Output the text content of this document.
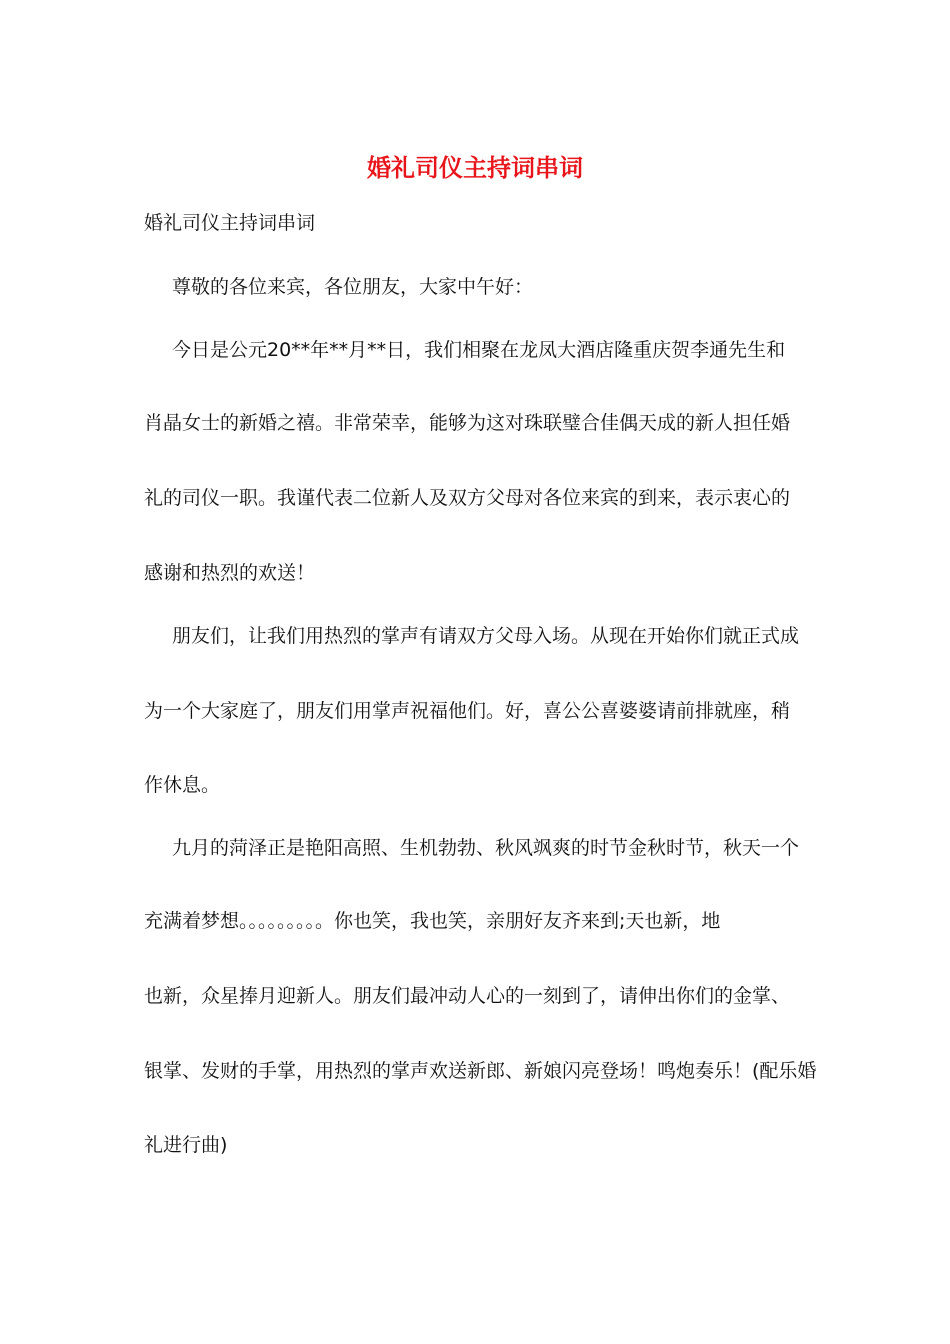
婚礼司仪主持词串词
婚礼司仪主持词串词
尊敬的各位来宾，各位朋友，大家中午好：
今日是公元20**年**月**日，我们相聚在龙凤大酒店隆重庆贺李通先生和
肖晶女士的新婚之禧。非常荣幸，能够为这对珠联璧合佳偶天成的新人担任婚
礼的司仪一职。我谨代表二位新人及双方父母对各位来宾的到来，表示衷心的
感谢和热烈的欢送！
朋友们，让我们用热烈的掌声有请双方父母入场。从现在开始你们就正式成
为一个大家庭了，朋友们用掌声祝福他们。好，喜公公喜婆婆请前排就座，稍
作休息。
九月的菏泽正是艳阳高照、生机勃勃、秋风飒爽的时节金秋时节，秋天一个
充满着梦想。。。。。。。。。你也笑，我也笑，亲朋好友齐来到;天也新，地
也新，众星捧月迎新人。朋友们最冲动人心的一刻到了，请伸出你们的金掌、
银掌、发财的手掌，用热烈的掌声欢送新郎、新娘闪亮登场！鸣炮奏乐！(配乐婚
礼进行曲)
